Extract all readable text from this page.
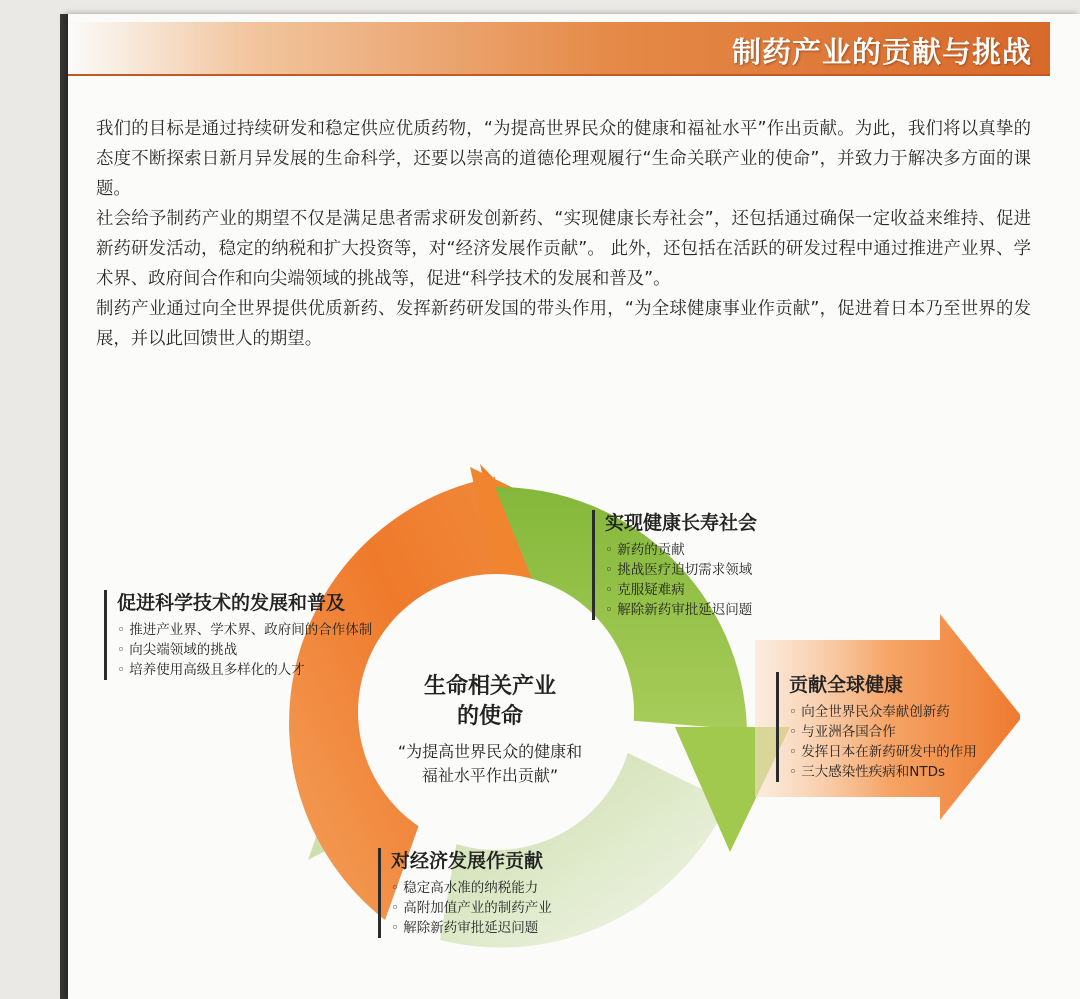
制药产业的贡献与挑战

我们的目标是通过持续研发和稳定供应优质药物，“为提高世界民众的健康和福祉水平”作出贡献。为此，我们将以真挚的态度不断探索日新月异发展的生命科学，还要以崇高的道德伦理观履行“生命关联产业的使命”，并致力于解决多方面的课题。

社会给予制药产业的期望不仅是满足患者需求研发创新药、“实现健康长寿社会”，还包括通过确保一定收益来维持、促进新药研发活动，稳定的纳税和扩大投资等，对“经济发展作贡献”。 此外，还包括在活跃的研发过程中通过推进产业界、学术界、政府间合作和向尖端领域的挑战等，促进“科学技术的发展和普及”。

制药产业通过向全世界提供优质新药、发挥新药研发国的带头作用，“为全球健康事业作贡献”，促进着日本乃至世界的发展，并以此回馈世人的期望。

生命相关产业
的使命
“为提高世界民众的健康和
福祉水平作出贡献”
实现健康长寿社会
◦ 新药的贡献
◦ 挑战医疗迫切需求领域
◦ 克服疑难病
◦ 解除新药审批延迟问题
促进科学技术的发展和普及
◦ 推进产业界、学术界、政府间的合作体制
◦ 向尖端领域的挑战
◦ 培养使用高级且多样化的人才
贡献全球健康
◦ 向全世界民众奉献创新药
◦ 与亚洲各国合作
◦ 发挥日本在新药研发中的作用
◦ 三大感染性疾病和NTDs
对经济发展作贡献
◦ 稳定高水准的纳税能力
◦ 高附加值产业的制药产业
◦ 解除新药审批延迟问题
